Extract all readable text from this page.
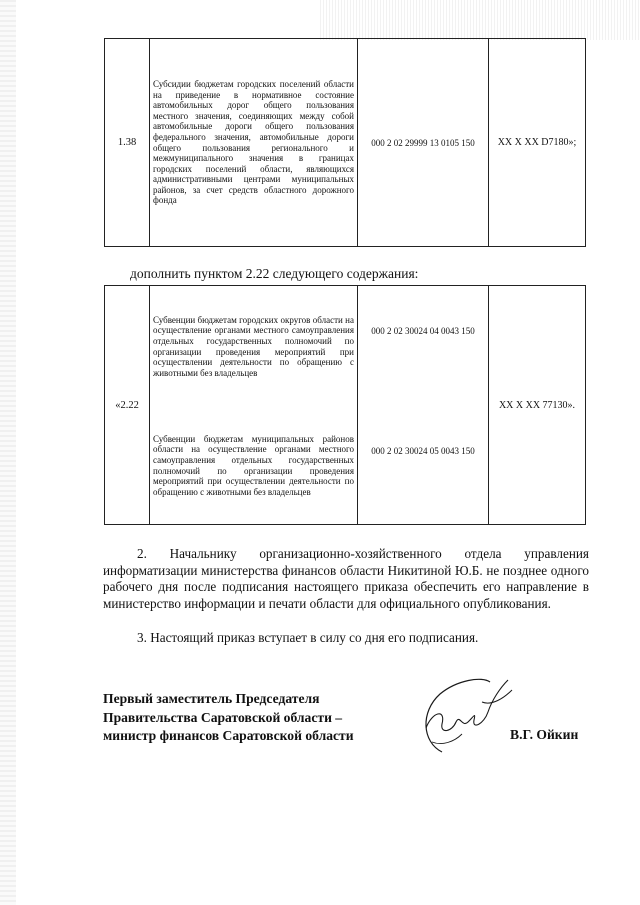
1.38	Субсидии бюджетам городских поселений области на приведение в нормативное состояние автомобильных дорог общего пользования местного значения, соединяющих между собой автомобильные дороги общего пользования федерального значения, автомобильные дороги общего пользования регионального и межмуниципального значения в границах городских поселений области, являющихся административными центрами муниципальных районов, за счет средств областного дорожного фонда	000 2 02 29999 13 0105 150	XX X XX D7180»;
дополнить пунктом 2.22 следующего содержания:
«2.22	Субвенции бюджетам городских округов области на осуществление органами местного самоуправления отдельных государственных полномочий по организации проведения мероприятий при осуществлении деятельности по обращению с животными без владельцев	000 2 02 30024 04 0043 150	XX X XX 77130».
	Субвенции бюджетам муниципальных районов области на осуществление органами местного самоуправления отдельных государственных полномочий по организации проведения мероприятий при осуществлении деятельности по обращению с животными без владельцев	000 2 02 30024 05 0043 150	
2. Начальнику организационно-хозяйственного отдела управления информатизации министерства финансов области Никитиной Ю.Б. не позднее одного рабочего дня после подписания настоящего приказа обеспечить его направление в министерство информации и печати области для официального опубликования.
3. Настоящий приказ вступает в силу со дня его подписания.
Первый заместитель Председателя
Правительства Саратовской области –
министр финансов Саратовской области	В.Г. Ойкин
